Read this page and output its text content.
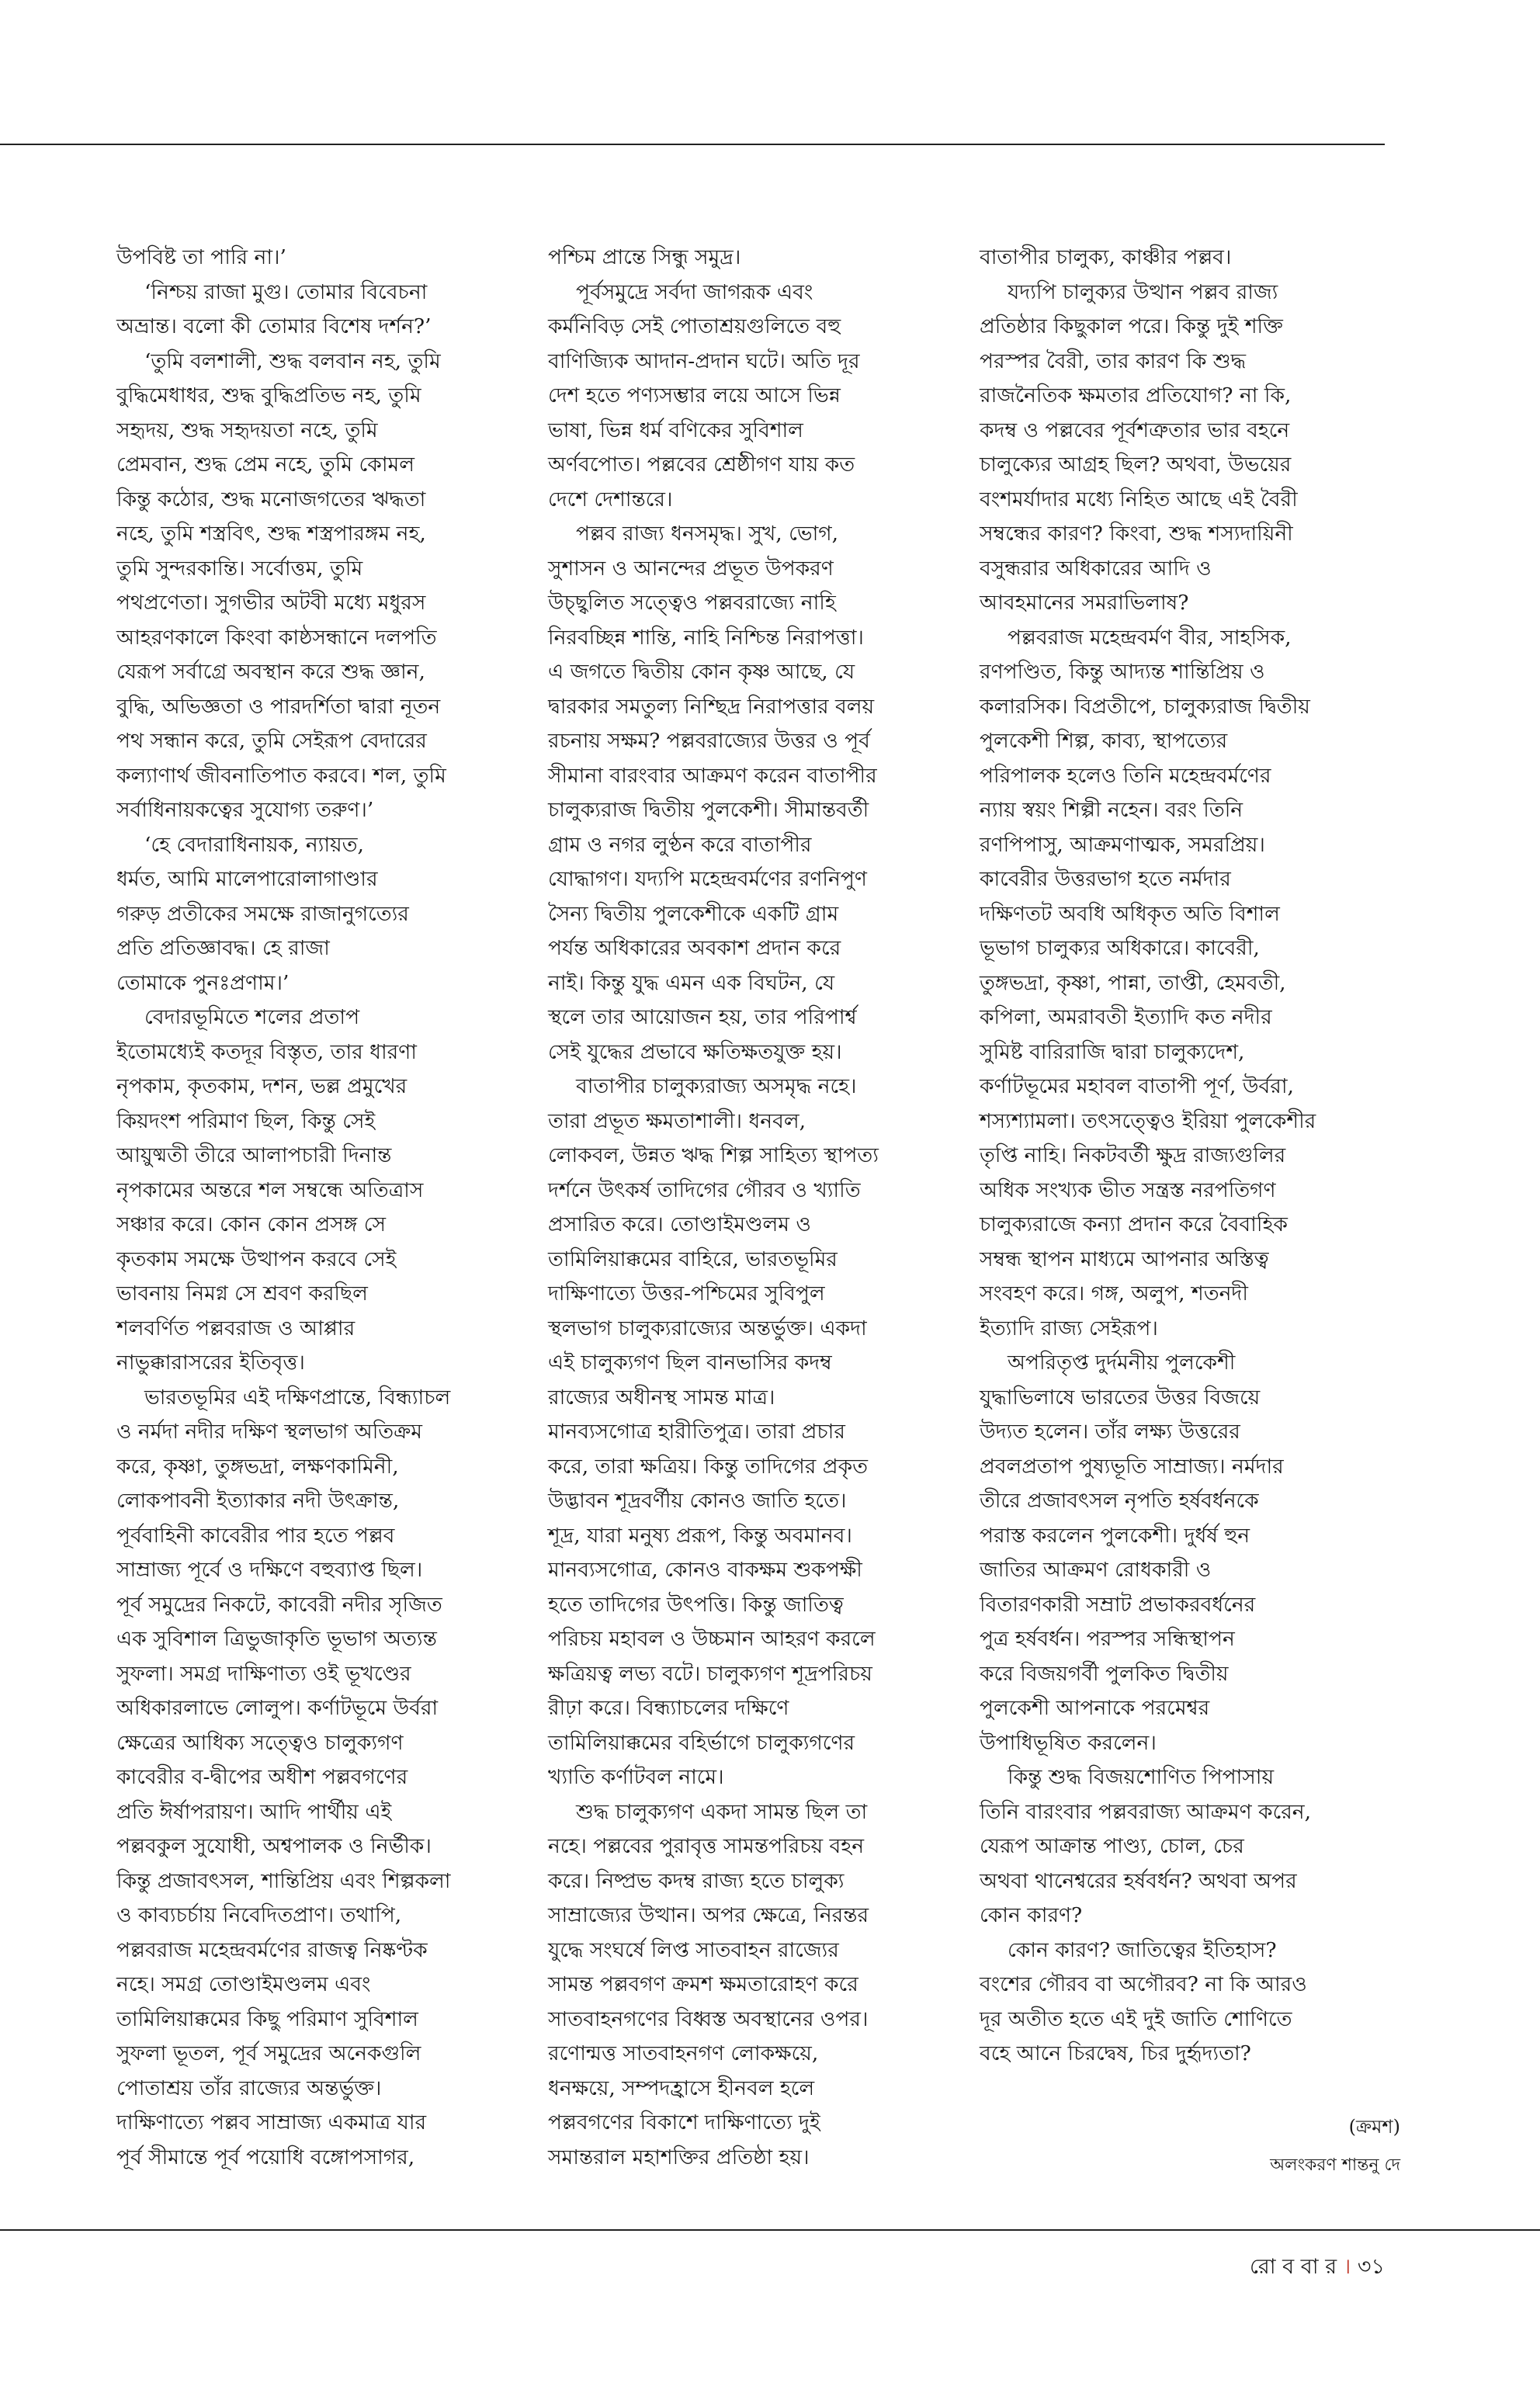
উপবিষ্ট তা পারি না।’

‘নিশ্চয় রাজা মুগু। তোমার বিবেচনা
অভ্রান্ত। বলো কী তোমার বিশেষ দর্শন?’

‘তুমি বলশালী, শুদ্ধ বলবান নহ, তুমি
বুদ্ধিমেধাধর, শুদ্ধ বুদ্ধিপ্রতিভ নহ, তুমি
সহৃদয়, শুদ্ধ সহৃদয়তা নহে, তুমি
প্রেমবান, শুদ্ধ প্রেম নহে, তুমি কোমল
কিন্তু কঠোর, শুদ্ধ মনোজগতের ঋদ্ধতা
নহে, তুমি শস্ত্রবিৎ, শুদ্ধ শস্ত্রপারঙ্গম নহ,
তুমি সুন্দরকান্তি। সর্বোত্তম, তুমি
পথপ্রণেতা। সুগভীর অটবী মধ্যে মধুরস
আহরণকালে কিংবা কাষ্ঠসন্ধানে দলপতি
যেরূপ সর্বাগ্রে অবস্থান করে শুদ্ধ জ্ঞান,
বুদ্ধি, অভিজ্ঞতা ও পারদর্শিতা দ্বারা নূতন
পথ সন্ধান করে, তুমি সেইরূপ বেদারের
কল্যাণার্থ জীবনাতিপাত করবে। শল, তুমি
সর্বাধিনায়কত্বের সুযোগ্য তরুণ।’

‘হে বেদারাধিনায়ক, ন্যায়ত,
ধর্মত, আমি মালেপারোলাগাণ্ডার
গরুড় প্রতীকের সমক্ষে রাজানুগত্যের
প্রতি প্রতিজ্ঞাবদ্ধ। হে রাজা
তোমাকে পুনঃপ্রণাম।’

বেদারভূমিতে শলের প্রতাপ
ইতোমধ্যেই কতদূর বিস্তৃত, তার ধারণা
নৃপকাম, কৃতকাম, দশন, ভল্ল প্রমুখের
কিয়দংশ পরিমাণ ছিল, কিন্তু সেই
আয়ুষ্মতী তীরে আলাপচারী দিনান্ত
নৃপকামের অন্তরে শল সম্বন্ধে অতিত্রাস
সঞ্চার করে। কোন কোন প্রসঙ্গ সে
কৃতকাম সমক্ষে উত্থাপন করবে সেই
ভাবনায় নিমগ্ন সে শ্রবণ করছিল
শলবর্ণিত পল্লবরাজ ও আপ্পার
নাভুক্কারাসরের ইতিবৃত্ত।

ভারতভূমির এই দক্ষিণপ্রান্তে, বিন্ধ্যাচল
ও নর্মদা নদীর দক্ষিণ স্থলভাগ অতিক্রম
করে, কৃষ্ণা, তুঙ্গভদ্রা, লক্ষণকামিনী,
লোকপাবনী ইত্যাকার নদী উৎক্রান্ত,
পূর্ববাহিনী কাবেরীর পার হতে পল্লব
সাম্রাজ্য পূর্বে ও দক্ষিণে বহুব্যাপ্ত ছিল।
পূর্ব সমুদ্রের নিকটে, কাবেরী নদীর সৃজিত
এক সুবিশাল ত্রিভুজাকৃতি ভূভাগ অত্যন্ত
সুফলা। সমগ্র দাক্ষিণাত্য ওই ভূখণ্ডের
অধিকারলাভে লোলুপ। কর্ণাটভূমে উর্বরা
ক্ষেত্রের আধিক্য সত্ত্বেও চালুক্যগণ
কাবেরীর ব-দ্বীপের অধীশ পল্লবগণের
প্রতি ঈর্ষাপরায়ণ। আদি পার্থীয় এই
পল্লবকুল সুযোধী, অশ্বপালক ও নির্ভীক।
কিন্তু প্রজাবৎসল, শান্তিপ্রিয় এবং শিল্পকলা
ও কাব্যচর্চায় নিবেদিতপ্রাণ। তথাপি,
পল্লবরাজ মহেন্দ্রবর্মণের রাজত্ব নিষ্কণ্টক
নহে। সমগ্র তোণ্ডাইমণ্ডলম এবং
তামিলিয়াক্কমের কিছু পরিমাণ সুবিশাল
সুফলা ভূতল, পূর্ব সমুদ্রের অনেকগুলি
পোতাশ্রয় তাঁর রাজ্যের অন্তর্ভুক্ত।
দাক্ষিণাত্যে পল্লব সাম্রাজ্য একমাত্র যার
পূর্ব সীমান্তে পূর্ব পয়োধি বঙ্গোপসাগর,

পশ্চিম প্রান্তে সিন্ধু সমুদ্র।

পূর্বসমুদ্রে সর্বদা জাগরূক এবং
কর্মনিবিড় সেই পোতাশ্রয়গুলিতে বহু
বাণিজ্যিক আদান-প্রদান ঘটে। অতি দূর
দেশ হতে পণ্যসম্ভার লয়ে আসে ভিন্ন
ভাষা, ভিন্ন ধর্ম বণিকের সুবিশাল
অর্ণবপোত। পল্লবের শ্রেষ্ঠীগণ যায় কত
দেশে দেশান্তরে।

পল্লব রাজ্য ধনসমৃদ্ধ। সুখ, ভোগ,
সুশাসন ও আনন্দের প্রভূত উপকরণ
উচ্ছ্বলিত সত্ত্বেও পল্লবরাজ্যে নাহি
নিরবচ্ছিন্ন শান্তি, নাহি নিশ্চিন্ত নিরাপত্তা।
এ জগতে দ্বিতীয় কোন কৃষ্ণ আছে, যে
দ্বারকার সমতুল্য নিশ্ছিদ্র নিরাপত্তার বলয়
রচনায় সক্ষম? পল্লবরাজ্যের উত্তর ও পূর্ব
সীমানা বারংবার আক্রমণ করেন বাতাপীর
চালুক্যরাজ দ্বিতীয় পুলকেশী। সীমান্তবর্তী
গ্রাম ও নগর লুণ্ঠন করে বাতাপীর
যোদ্ধাগণ। যদ্যপি মহেন্দ্রবর্মণের রণনিপুণ
সৈন্য দ্বিতীয় পুলকেশীকে একটি গ্রাম
পর্যন্ত অধিকারের অবকাশ প্রদান করে
নাই। কিন্তু যুদ্ধ এমন এক বিঘটন, যে
স্থলে তার আয়োজন হয়, তার পরিপার্শ্ব
সেই যুদ্ধের প্রভাবে ক্ষতিক্ষতযুক্ত হয়।

বাতাপীর চালুক্যরাজ্য অসমৃদ্ধ নহে।
তারা প্রভূত ক্ষমতাশালী। ধনবল,
লোকবল, উন্নত ঋদ্ধ শিল্প সাহিত্য স্থাপত্য
দর্শনে উৎকর্ষ তাদিগের গৌরব ও খ্যাতি
প্রসারিত করে। তোণ্ডাইমণ্ডলম ও
তামিলিয়াক্কমের বাহিরে, ভারতভূমির
দাক্ষিণাত্যে উত্তর-পশ্চিমের সুবিপুল
স্থলভাগ চালুক্যরাজ্যের অন্তর্ভুক্ত। একদা
এই চালুক্যগণ ছিল বানভাসির কদম্ব
রাজ্যের অধীনস্থ সামন্ত মাত্র।
মানব্যসগোত্র হারীতিপুত্র। তারা প্রচার
করে, তারা ক্ষত্রিয়। কিন্তু তাদিগের প্রকৃত
উদ্ভাবন শূদ্রবর্ণীয় কোনও জাতি হতে।
শূদ্র, যারা মনুষ্য প্ররূপ, কিন্তু অবমানব।
মানব্যসগোত্র, কোনও বাকক্ষম শুকপক্ষী
হতে তাদিগের উৎপত্তি। কিন্তু জাতিত্ব
পরিচয় মহাবল ও উচ্চমান আহরণ করলে
ক্ষত্রিয়ত্ব লভ্য বটে। চালুক্যগণ শূদ্রপরিচয়
রীঢ়া করে। বিন্ধ্যাচলের দক্ষিণে
তামিলিয়াক্কমের বহির্ভাগে চালুক্যগণের
খ্যাতি কর্ণাটবল নামে।

শুদ্ধ চালুক্যগণ একদা সামন্ত ছিল তা
নহে। পল্লবের পুরাবৃত্ত সামন্তপরিচয় বহন
করে। নিষ্প্রভ কদম্ব রাজ্য হতে চালুক্য
সাম্রাজ্যের উত্থান। অপর ক্ষেত্রে, নিরন্তর
যুদ্ধে সংঘর্ষে লিপ্ত সাতবাহন রাজ্যের
সামন্ত পল্লবগণ ক্রমশ ক্ষমতারোহণ করে
সাতবাহনগণের বিধ্বস্ত অবস্থানের ওপর।
রণোন্মত্ত সাতবাহনগণ লোকক্ষয়ে,
ধনক্ষয়ে, সম্পদহ্রাসে হীনবল হলে
পল্লবগণের বিকাশে দাক্ষিণাত্যে দুই
সমান্তরাল মহাশক্তির প্রতিষ্ঠা হয়।

বাতাপীর চালুক্য, কাঞ্চীর পল্লব।

যদ্যপি চালুক্যর উত্থান পল্লব রাজ্য
প্রতিষ্ঠার কিছুকাল পরে। কিন্তু দুই শক্তি
পরস্পর বৈরী, তার কারণ কি শুদ্ধ
রাজনৈতিক ক্ষমতার প্রতিযোগ? না কি,
কদম্ব ও পল্লবের পূর্বশত্রুতার ভার বহনে
চালুক্যের আগ্রহ ছিল? অথবা, উভয়ের
বংশমর্যাদার মধ্যে নিহিত আছে এই বৈরী
সম্বন্ধের কারণ? কিংবা, শুদ্ধ শস্যদায়িনী
বসুন্ধরার অধিকারের আদি ও
আবহমানের সমরাভিলাষ?

পল্লবরাজ মহেন্দ্রবর্মণ বীর, সাহসিক,
রণপণ্ডিত, কিন্তু আদ্যন্ত শান্তিপ্রিয় ও
কলারসিক। বিপ্রতীপে, চালুক্যরাজ দ্বিতীয়
পুলকেশী শিল্প, কাব্য, স্থাপত্যের
পরিপালক হলেও তিনি মহেন্দ্রবর্মণের
ন্যায় স্বয়ং শিল্পী নহেন। বরং তিনি
রণপিপাসু, আক্রমণাত্মক, সমরপ্রিয়।
কাবেরীর উত্তরভাগ হতে নর্মদার
দক্ষিণতট অবধি অধিকৃত অতি বিশাল
ভূভাগ চালুক্যর অধিকারে। কাবেরী,
তুঙ্গভদ্রা, কৃষ্ণা, পান্না, তাপ্তী, হেমবতী,
কপিলা, অমরাবতী ইত্যাদি কত নদীর
সুমিষ্ট বারিরাজি দ্বারা চালুক্যদেশ,
কর্ণাটভূমের মহাবল বাতাপী পূর্ণ, উর্বরা,
শস্যশ্যামলা। তৎসত্ত্বেও ইরিয়া পুলকেশীর
তৃপ্তি নাহি। নিকটবর্তী ক্ষুদ্র রাজ্যগুলির
অধিক সংখ্যক ভীত সন্ত্রস্ত নরপতিগণ
চালুক্যরাজে কন্যা প্রদান করে বৈবাহিক
সম্বন্ধ স্থাপন মাধ্যমে আপনার অস্তিত্ব
সংবহণ করে। গঙ্গ, অলুপ, শতনদী
ইত্যাদি রাজ্য সেইরূপ।

অপরিতৃপ্ত দুর্দমনীয় পুলকেশী
যুদ্ধাভিলাষে ভারতের উত্তর বিজয়ে
উদ্যত হলেন। তাঁর লক্ষ্য উত্তরের
প্রবলপ্রতাপ পুষ্যভূতি সাম্রাজ্য। নর্মদার
তীরে প্রজাবৎসল নৃপতি হর্ষবর্ধনকে
পরাস্ত করলেন পুলকেশী। দুর্ধর্ষ হুন
জাতির আক্রমণ রোধকারী ও
বিতারণকারী সম্রাট প্রভাকরবর্ধনের
পুত্র হর্ষবর্ধন। পরস্পর সন্ধিস্থাপন
করে বিজয়গর্বী পুলকিত দ্বিতীয়
পুলকেশী আপনাকে পরমেশ্বর
উপাধিভূষিত করলেন।

কিন্তু শুদ্ধ বিজয়শোণিত পিপাসায়
তিনি বারংবার পল্লবরাজ্য আক্রমণ করেন,
যেরূপ আক্রান্ত পাণ্ড্য, চোল, চের
অথবা থানেশ্বরের হর্ষবর্ধন? অথবা অপর
কোন কারণ?

কোন কারণ? জাতিত্বের ইতিহাস?
বংশের গৌরব বা অগৌরব? না কি আরও
দূর অতীত হতে এই দুই জাতি শোণিতে
বহে আনে চিরদ্বেষ, চির দুর্হৃদ্যতা?

(ক্রমশ)
অলংকরণ শান্তনু দে
রো ব বা র । ৩১
